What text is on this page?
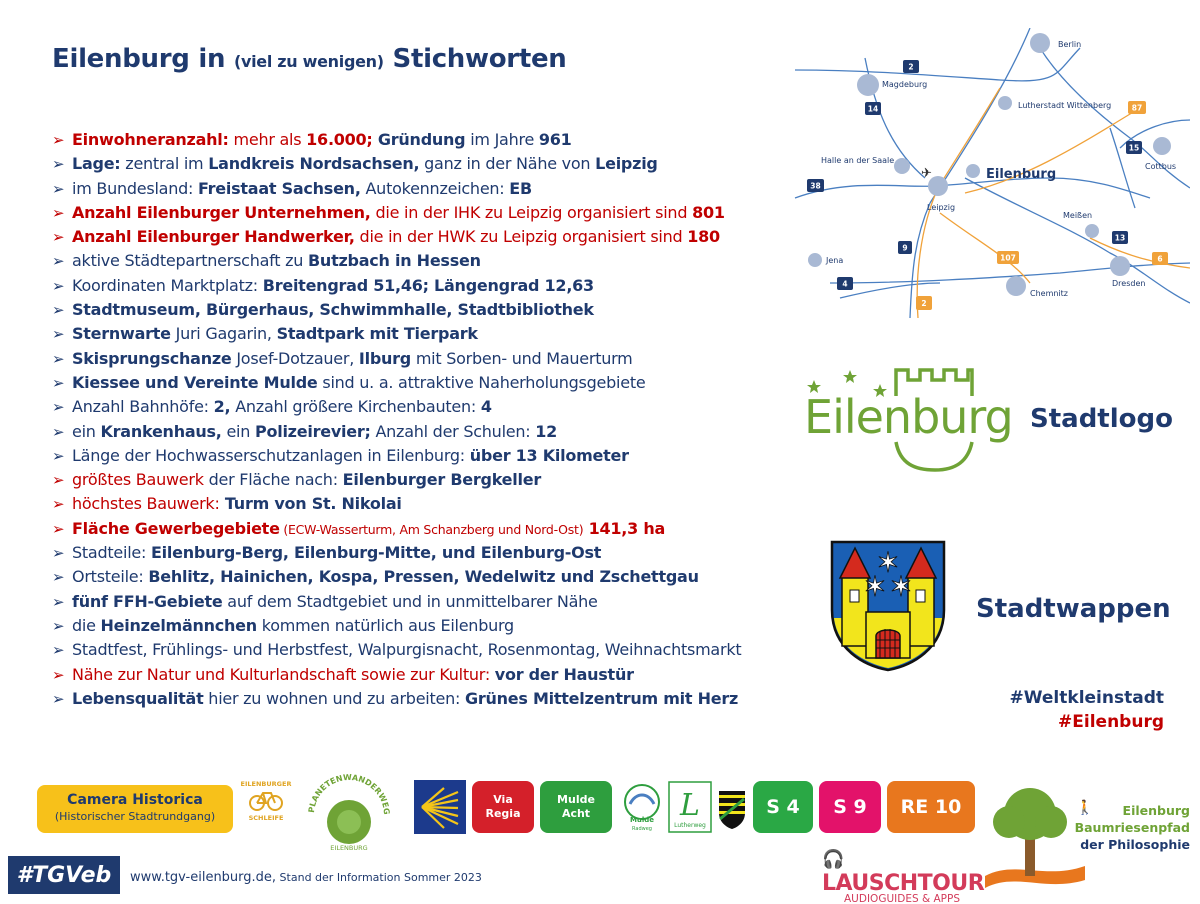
Eilenburg in (viel zu wenigen) Stichworten
➢ Einwohneranzahl: mehr als 16.000; Gründung im Jahre 961
➢ Lage: zentral im Landkreis Nordsachsen, ganz in der Nähe von Leipzig
➢ im Bundesland: Freistaat Sachsen, Autokennzeichen: EB
➢ Anzahl Eilenburger Unternehmen, die in der IHK zu Leipzig organisiert sind 801
➢ Anzahl Eilenburger Handwerker, die in der HWK zu Leipzig organisiert sind 180
➢ aktive Städtepartnerschaft zu Butzbach in Hessen
➢ Koordinaten Marktplatz: Breitengrad 51,46; Längengrad 12,63
➢ Stadtmuseum, Bürgerhaus, Schwimmhalle, Stadtbibliothek
➢ Sternwarte Juri Gagarin, Stadtpark mit Tierpark
➢ Skisprungschanze Josef-Dotzauer, Ilburg mit Sorben- und Mauerturm
➢ Kiessee und Vereinte Mulde sind u. a. attraktive Naherholungsgebiete
➢ Anzahl Bahnhöfe: 2, Anzahl größere Kirchenbauten: 4
➢ ein Krankenhaus, ein Polizeirevier; Anzahl der Schulen: 12
➢ Länge der Hochwasserschutzanlagen in Eilenburg: über 13 Kilometer
➢ größtes Bauwerk der Fläche nach: Eilenburger Bergkeller
➢ höchstes Bauwerk: Turm von St. Nikolai
➢ Fläche Gewerbegebiete (ECW-Wasserturm, Am Schanzberg und Nord-Ost) 141,3 ha
➢ Stadteile: Eilenburg-Berg, Eilenburg-Mitte, und Eilenburg-Ost
➢ Ortsteile: Behlitz, Hainichen, Kospa, Pressen, Wedelwitz und Zschettgau
➢ fünf FFH-Gebiete auf dem Stadtgebiet und in unmittelbarer Nähe
➢ die Heinzelmännchen kommen natürlich aus Eilenburg
➢ Stadtfest, Frühlings- und Herbstfest, Walpurgisnacht, Rosenmontag, Weihnachtsmarkt
➢ Nähe zur Natur und Kulturlandschaft sowie zur Kultur: vor der Haustür
➢ Lebensqualität hier zu wohnen und zu arbeiten: Grünes Mittelzentrum mit Herz
✈
Berlin
Magdeburg
Lutherstadt Wittenberg
Halle an der Saale
Leipzig
Cottbus
Meißen
Jena
Chemnitz
Dresden
Eilenburg
2
14
15
38
13
9
4
87
107	6
2
Eilenburg Stadtlogo
✶
✶ ✶
Stadtwappen
#Weltkleinstadt
#Eilenburg
Camera Historica
(Historischer Stadtrundgang)
EILENBURGER
SCHLEIFE
PLANETENWANDERWEG
EILENBURG
Via
Regia
Mulde
Acht	Mulde
Radweg
L
Lutherweg
S 4	S 9	RE 10	🚶	Eilenburg
Baumriesenpfad
der Philosophie
🎧LAUSCHTOUR
AUDIOGUIDES & APPS
#TGVeb	www.tgv-eilenburg.de, Stand der Information Sommer 2023
